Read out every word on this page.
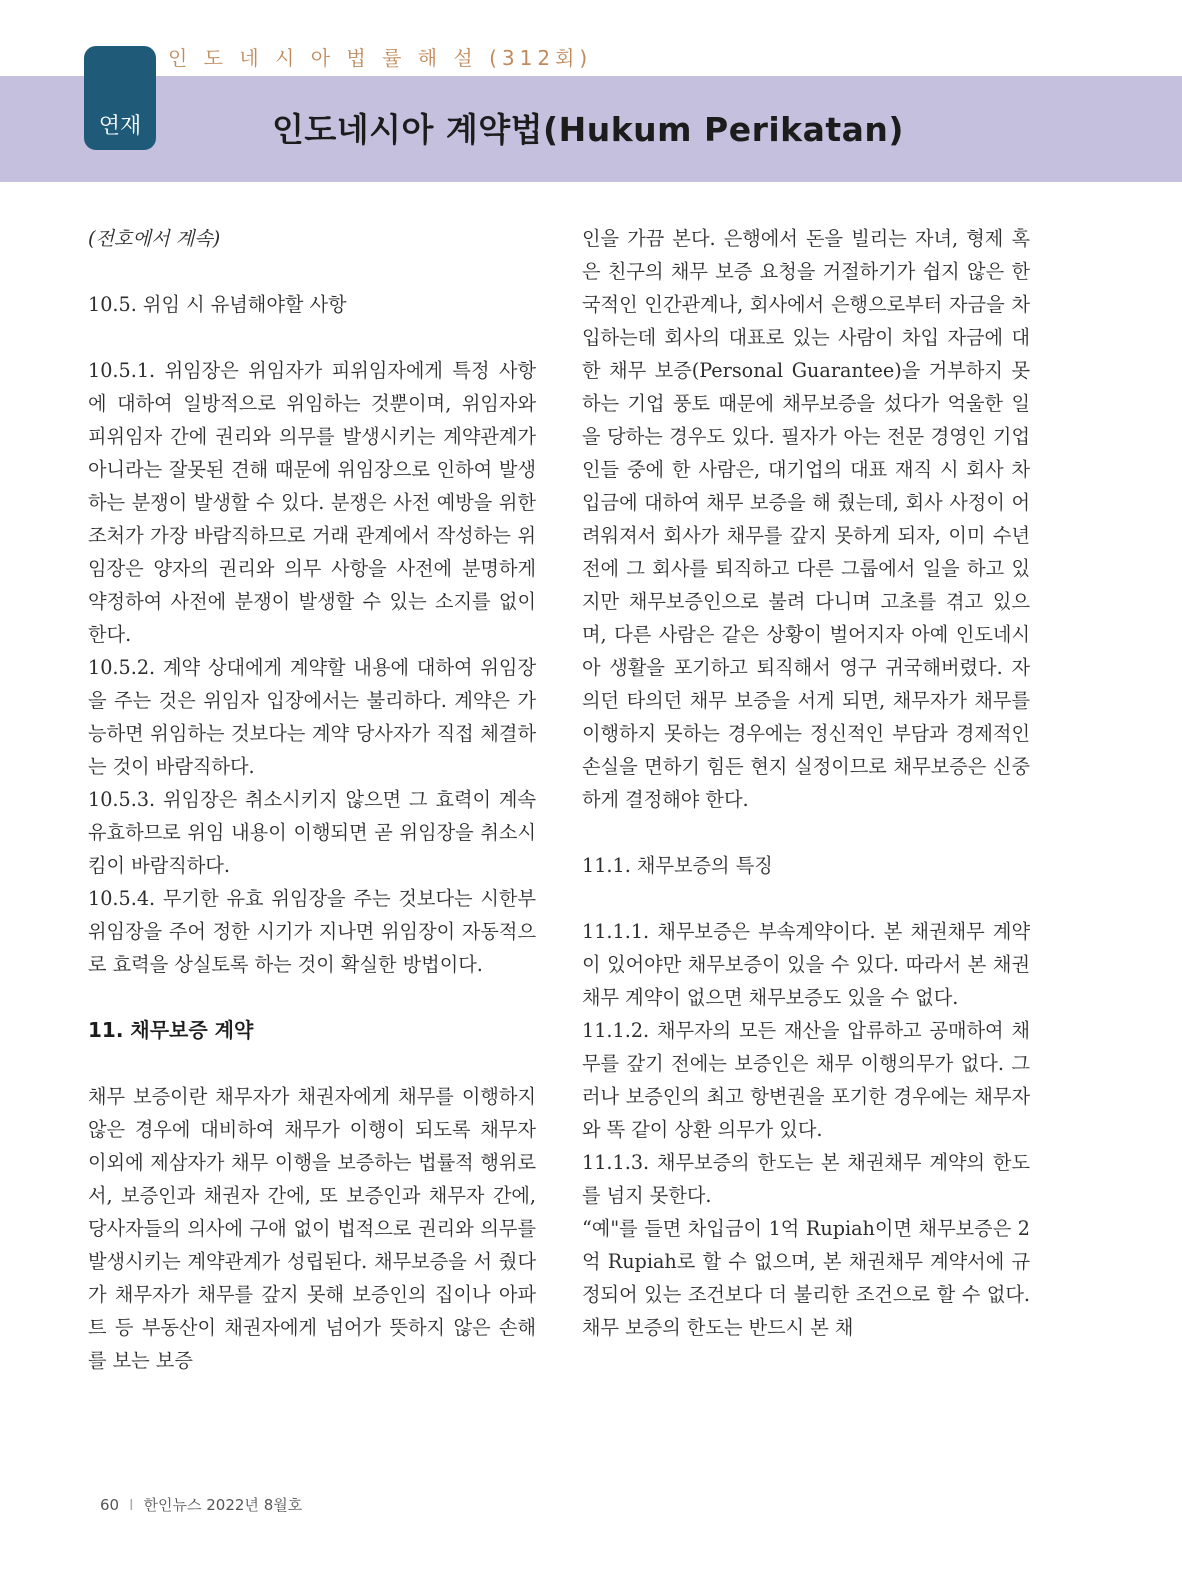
인 도 네 시 아 법 률 해 설 (312회)
연재	인도네시아 계약법(Hukum Perikatan)

(전호에서 계속)

10.5. 위임 시 유념해야할 사항

10.5.1. 위임장은 위임자가 피위임자에게 특정 사항에 대하여 일방적으로 위임하는 것뿐이며, 위임자와 피위임자 간에 권리와 의무를 발생시키는 계약관계가 아니라는 잘못된 견해 때문에 위임장으로 인하여 발생하는 분쟁이 발생할 수 있다. 분쟁은 사전 예방을 위한 조처가 가장 바람직하므로 거래 관계에서 작성하는 위임장은 양자의 권리와 의무 사항을 사전에 분명하게 약정하여 사전에 분쟁이 발생할 수 있는 소지를 없이 한다.

10.5.2. 계약 상대에게 계약할 내용에 대하여 위임장을 주는 것은 위임자 입장에서는 불리하다. 계약은 가능하면 위임하는 것보다는 계약 당사자가 직접 체결하는 것이 바람직하다.

10.5.3. 위임장은 취소시키지 않으면 그 효력이 계속 유효하므로 위임 내용이 이행되면 곧 위임장을 취소시킴이 바람직하다.

10.5.4. 무기한 유효 위임장을 주는 것보다는 시한부 위임장을 주어 정한 시기가 지나면 위임장이 자동적으로 효력을 상실토록 하는 것이 확실한 방법이다.

11. 채무보증 계약

채무 보증이란 채무자가 채권자에게 채무를 이행하지 않은 경우에 대비하여 채무가 이행이 되도록 채무자 이외에 제삼자가 채무 이행을 보증하는 법률적 행위로서, 보증인과 채권자 간에, 또 보증인과 채무자 간에, 당사자들의 의사에 구애 없이 법적으로 권리와 의무를 발생시키는 계약관계가 성립된다. 채무보증을 서 줬다가 채무자가 채무를 갚지 못해 보증인의 집이나 아파트 등 부동산이 채권자에게 넘어가 뜻하지 않은 손해를 보는 보증

인을 가끔 본다. 은행에서 돈을 빌리는 자녀, 형제 혹은 친구의 채무 보증 요청을 거절하기가 쉽지 않은 한국적인 인간관계나, 회사에서 은행으로부터 자금을 차입하는데 회사의 대표로 있는 사람이 차입 자금에 대한 채무 보증(Personal Guarantee)을 거부하지 못하는 기업 풍토 때문에 채무보증을 섰다가 억울한 일을 당하는 경우도 있다. 필자가 아는 전문 경영인 기업인들 중에 한 사람은, 대기업의 대표 재직 시 회사 차입금에 대하여 채무 보증을 해 줬는데, 회사 사정이 어려워져서 회사가 채무를 갚지 못하게 되자, 이미 수년전에 그 회사를 퇴직하고 다른 그룹에서 일을 하고 있지만 채무보증인으로 불려 다니며 고초를 겪고 있으며, 다른 사람은 같은 상황이 벌어지자 아예 인도네시아 생활을 포기하고 퇴직해서 영구 귀국해버렸다. 자의던 타의던 채무 보증을 서게 되면, 채무자가 채무를 이행하지 못하는 경우에는 정신적인 부담과 경제적인 손실을 면하기 힘든 현지 실정이므로 채무보증은 신중하게 결정해야 한다.

11.1. 채무보증의 특징

11.1.1. 채무보증은 부속계약이다. 본 채권채무 계약이 있어야만 채무보증이 있을 수 있다. 따라서 본 채권채무 계약이 없으면 채무보증도 있을 수 없다.

11.1.2. 채무자의 모든 재산을 압류하고 공매하여 채무를 갚기 전에는 보증인은 채무 이행의무가 없다. 그러나 보증인의 최고 항변권을 포기한 경우에는 채무자와 똑 같이 상환 의무가 있다.

11.1.3. 채무보증의 한도는 본 채권채무 계약의 한도를 넘지 못한다.

“예"를 들면 차입금이 1억 Rupiah이면 채무보증은 2억 Rupiah로 할 수 없으며, 본 채권채무 계약서에 규정되어 있는 조건보다 더 불리한 조건으로 할 수 없다. 채무 보증의 한도는 반드시 본 채

60 I 한인뉴스 2022년 8월호
